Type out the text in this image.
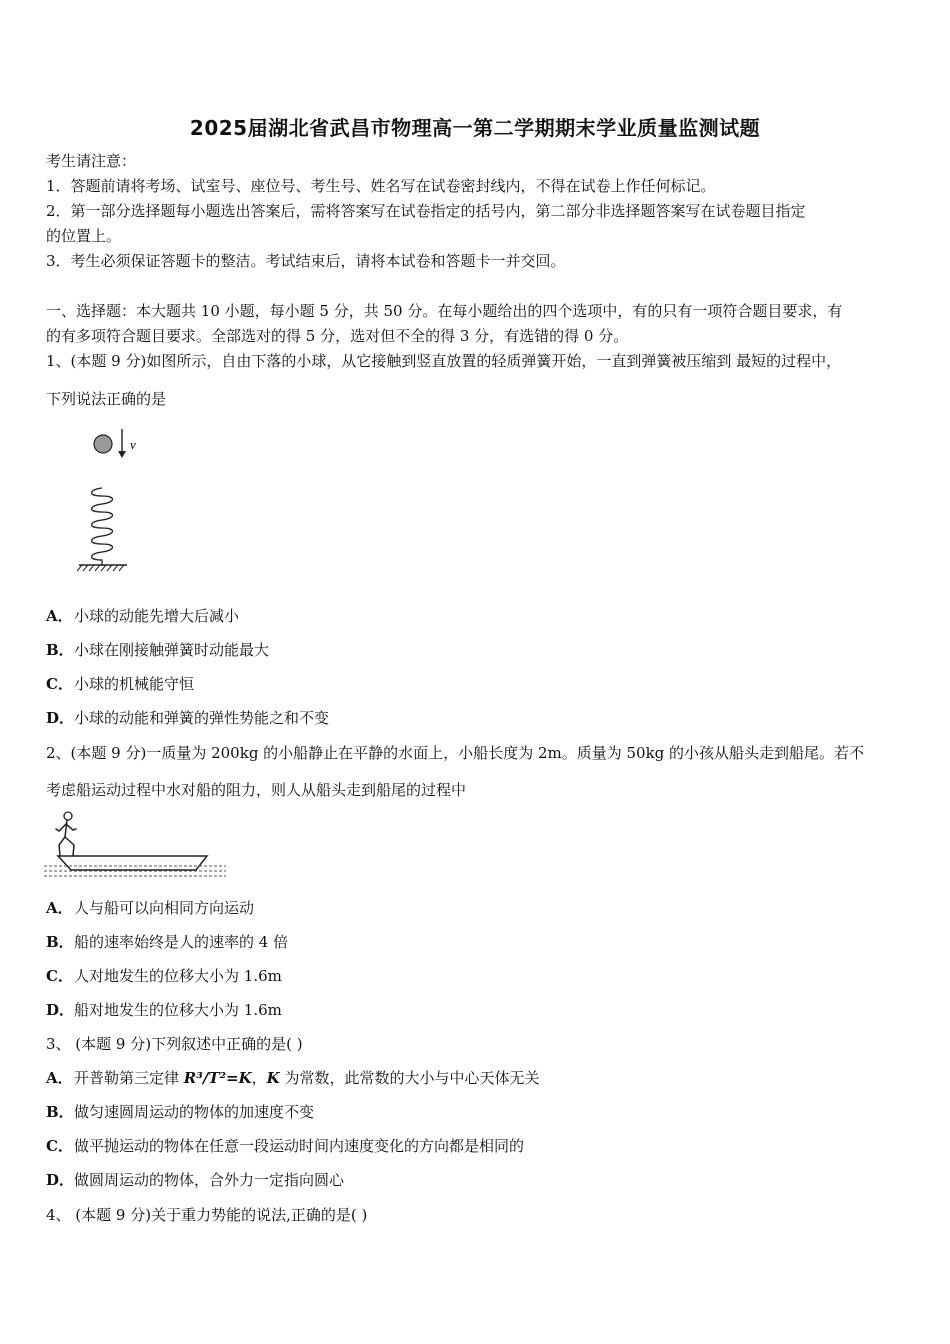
2025届湖北省武昌市物理高一第二学期期末学业质量监测试题
考生请注意：
1．答题前请将考场、试室号、座位号、考生号、姓名写在试卷密封线内，不得在试卷上作任何标记。
2．第一部分选择题每小题选出答案后，需将答案写在试卷指定的括号内，第二部分非选择题答案写在试卷题目指定
的位置上。
3．考生必须保证答题卡的整洁。考试结束后，请将本试卷和答题卡一并交回。
一、选择题：本大题共 10 小题，每小题 5 分，共 50 分。在每小题给出的四个选项中，有的只有一项符合题目要求，有
的有多项符合题目要求。全部选对的得 5 分，选对但不全的得 3 分，有选错的得 0 分。
1、(本题 9 分)如图所示，自由下落的小球，从它接触到竖直放置的轻质弹簧开始，一直到弹簧被压缩到 最短的过程中，
下列说法正确的是
v
A．小球的动能先增大后减小
B．小球在刚接触弹簧时动能最大
C．小球的机械能守恒
D．小球的动能和弹簧的弹性势能之和不变
2、(本题 9 分)一质量为 200kg 的小船静止在平静的水面上，小船长度为 2m。质量为 50kg 的小孩从船头走到船尾。若不
考虑船运动过程中水对船的阻力，则人从船头走到船尾的过程中
A．人与船可以向相同方向运动
B．船的速率始终是人的速率的 4 倍
C．人对地发生的位移大小为 1.6m
D．船对地发生的位移大小为 1.6m
3、 (本题 9 分)下列叙述中正确的是( )
A．开普勒第三定律 R³/T²=K，K 为常数，此常数的大小与中心天体无关
B．做匀速圆周运动的物体的加速度不变
C．做平抛运动的物体在任意一段运动时间内速度变化的方向都是相同的
D．做圆周运动的物体，合外力一定指向圆心
4、 (本题 9 分)关于重力势能的说法,正确的是( )
